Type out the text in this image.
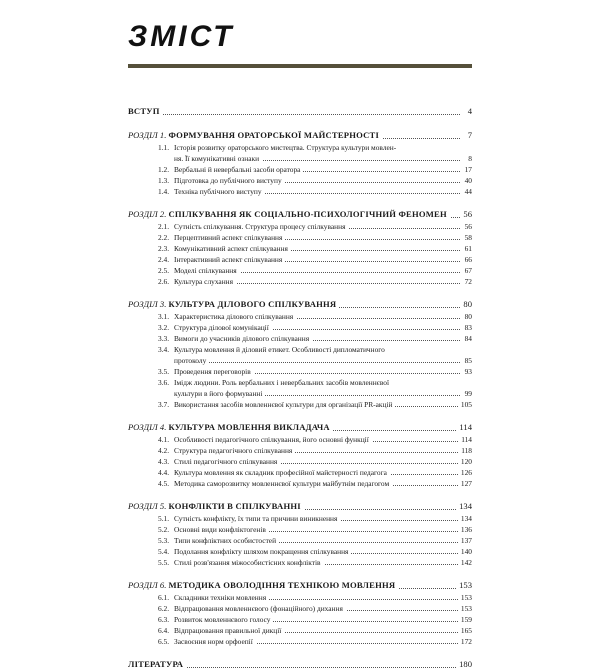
ЗМІСТ
ВСТУП	4
РОЗДІЛ 1. ФОРМУВАННЯ ОРАТОРСЬКОЇ МАЙСТЕРНОСТІ	7
1.1. Історія розвитку ораторського мистецтва. Структура культури мовлен-
ня. Її комунікативні ознаки	8
1.2. Вербальні й невербальні засоби оратора	17
1.3. Підготовка до публічного виступу	40
1.4. Техніка публічного виступу	44
РОЗДІЛ 2. СПІЛКУВАННЯ ЯК СОЦІАЛЬНО-ПСИХОЛОГІЧНИЙ ФЕНОМЕН	56
2.1. Сутність спілкування. Структура процесу спілкування	56
2.2. Перцептивний аспект спілкування	58
2.3. Комунікативний аспект спілкування	61
2.4. Інтерактивний аспект спілкування	66
2.5. Моделі спілкування	67
2.6. Культура слухання	72
РОЗДІЛ 3. КУЛЬТУРА ДІЛОВОГО СПІЛКУВАННЯ	80
3.1. Характеристика ділового спілкування	80
3.2. Структура ділової комунікації	83
3.3. Вимоги до учасників ділового спілкування	84
3.4. Культура мовлення й діловий етикет. Особливості дипломатичного
протоколу	85
3.5. Проведення переговорів	93
3.6. Імідж людини. Роль вербальних і невербальних засобів мовленнєвої
культури в його формуванні	99
3.7. Використання засобів мовленнєвої культури для організації PR-акцій	105
РОЗДІЛ 4. КУЛЬТУРА МОВЛЕННЯ ВИКЛАДАЧА	114
4.1. Особливості педагогічного спілкування, його основні функції	114
4.2. Структура педагогічного спілкування	118
4.3. Стилі педагогічного спілкування	120
4.4. Культура мовлення як складник професійної майстерності педагога	126
4.5. Методика саморозвитку мовленнєвої культури майбутнім педагогом	127
РОЗДІЛ 5. КОНФЛІКТИ В СПІЛКУВАННІ	134
5.1. Сутність конфлікту, їх типи та причини виникнення	134
5.2. Основні види конфліктогенів	136
5.3. Типи конфліктних особистостей	137
5.4. Подолання конфлікту шляхом покращення спілкування	140
5.5. Стилі розв'язання міжособистісних конфліктів	142
РОЗДІЛ 6. МЕТОДИКА ОВОЛОДІННЯ ТЕХНІКОЮ МОВЛЕННЯ	153
6.1. Складники техніки мовлення	153
6.2. Відпрацювання мовленнєвого (фонаційного) дихання	153
6.3. Розвиток мовленнєвого голосу	159
6.4. Відпрацювання правильної дикції	165
6.5. Засвоєння норм орфоепії	172
ЛІТЕРАТУРА	180
